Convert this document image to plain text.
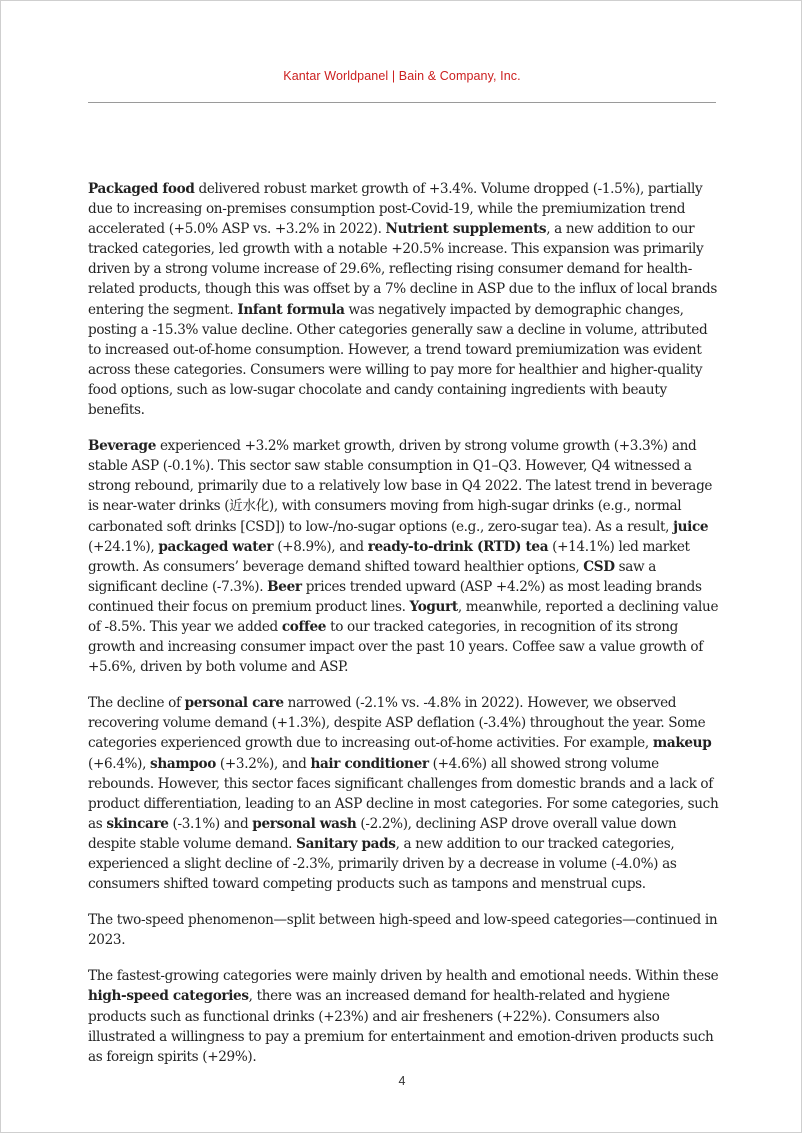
Kantar Worldpanel | Bain & Company, Inc.

Packaged food delivered robust market growth of +3.4%. Volume dropped (-1.5%), partially due to increasing on-premises consumption post-Covid-19, while the premiumization trend accelerated (+5.0% ASP vs. +3.2% in 2022). Nutrient supplements, a new addition to our tracked categories, led growth with a notable +20.5% increase. This expansion was primarily driven by a strong volume increase of 29.6%, reflecting rising consumer demand for health-related products, though this was offset by a 7% decline in ASP due to the influx of local brands entering the segment. Infant formula was negatively impacted by demographic changes, posting a -15.3% value decline. Other categories generally saw a decline in volume, attributed to increased out-of-home consumption. However, a trend toward premiumization was evident across these categories. Consumers were willing to pay more for healthier and higher-quality food options, such as low-sugar chocolate and candy containing ingredients with beauty benefits.

Beverage experienced +3.2% market growth, driven by strong volume growth (+3.3%) and stable ASP (-0.1%). This sector saw stable consumption in Q1–Q3. However, Q4 witnessed a strong rebound, primarily due to a relatively low base in Q4 2022. The latest trend in beverage is near-water drinks (近水化), with consumers moving from high-sugar drinks (e.g., normal carbonated soft drinks [CSD]) to low-/no-sugar options (e.g., zero-sugar tea). As a result, juice (+24.1%), packaged water (+8.9%), and ready-to-drink (RTD) tea (+14.1%) led market growth. As consumers’ beverage demand shifted toward healthier options, CSD saw a significant decline (-7.3%). Beer prices trended upward (ASP +4.2%) as most leading brands continued their focus on premium product lines. Yogurt, meanwhile, reported a declining value of -8.5%. This year we added coffee to our tracked categories, in recognition of its strong growth and increasing consumer impact over the past 10 years. Coffee saw a value growth of +5.6%, driven by both volume and ASP.

The decline of personal care narrowed (-2.1% vs. -4.8% in 2022). However, we observed recovering volume demand (+1.3%), despite ASP deflation (-3.4%) throughout the year. Some categories experienced growth due to increasing out-of-home activities. For example, makeup (+6.4%), shampoo (+3.2%), and hair conditioner (+4.6%) all showed strong volume rebounds. However, this sector faces significant challenges from domestic brands and a lack of product differentiation, leading to an ASP decline in most categories. For some categories, such as skincare (-3.1%) and personal wash (-2.2%), declining ASP drove overall value down despite stable volume demand. Sanitary pads, a new addition to our tracked categories, experienced a slight decline of -2.3%, primarily driven by a decrease in volume (-4.0%) as consumers shifted toward competing products such as tampons and menstrual cups.

The two-speed phenomenon—split between high-speed and low-speed categories—continued in 2023.

The fastest-growing categories were mainly driven by health and emotional needs. Within these high-speed categories, there was an increased demand for health-related and hygiene products such as functional drinks (+23%) and air fresheners (+22%). Consumers also illustrated a willingness to pay a premium for entertainment and emotion-driven products such as foreign spirits (+29%).

4
